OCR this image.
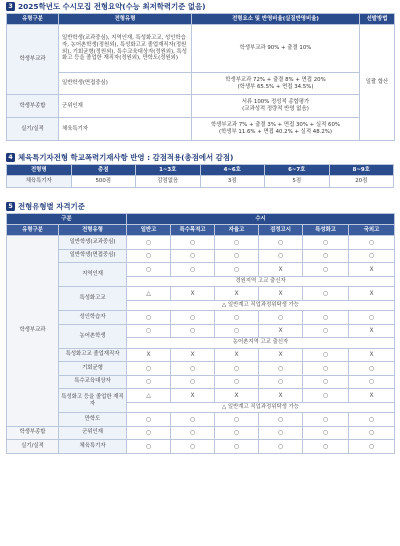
3 2025학년도 수시모집 전형요약(수능 최저학력기준 없음)
유형구분	전형유형	전형요소 및 반영비율(실질반영비율)	선발방법
학생부교과	일반학생(교과중심), 지역인재, 특성화고교, 성인학습자, 농어촌학생(정원외), 특성화고교 졸업재직자(정원외), 기회균형(정원외), 특수교육대상자(정원외), 특성화고 등을 졸업한 재직자(정원외), 만학도(정원외)	학생부교과 90% + 출결 10%	일괄 합산
	일반학생(면접중심)	학생부교과 72% + 출결 8% + 면접 20%
(학생부 65.5% + 면접 34.5%)	

학생부종합	군위인재	서류 100% 정성적 종합평가
(교과성적 정량적 반영 없음)	

실기/실적	체육특기자	학생부교과 7% + 출결 3% + 면접 30% + 실적 60%
(학생부 11.6% + 면접 40.2% + 실적 48.2%)	
4 체육특기자전형 학교폭력기재사항 반영 : 감점적용(총점에서 감점)
전형명	총점	1~3호	4~6호	6~7호	8~9호
체육특기자	500점	감점없음	3점	5점	20점
5 전형유형별 자격기준
구분		수시					
유형구분	전형유형	일반고	특수목적고	자율고	검정고시	특성화고	국외고
학생부교과	일반학생(교과중심)	○	○	○	○	○	○
	일반학생(면접중심)	○	○	○	○	○	○
	지역인재	○	○	○	X	○	X
		경원지역 고교 출신자					
	특성화고교	△	X	X	X	○	X
		△ 일반계고 직업과정위탁생 가능					
	성인학습자	○	○	○	○	○	○
	농어촌학생	○	○	○	X	○	X
		농어촌지역 고교 출신자					
	특성화고교 졸업재직자	X	X	X	X	○	X
	기회균형	○	○	○	○	○	○
	특수교육대상자	○	○	○	○	○	○
	특성화고 등을 졸업한 재직자	△	X	X	X	○	X
		△ 일반계고 직업과정위탁생 가능					
	만학도	○	○	○	○	○	○
학생부종합	군위인재	○	○	○	○	○	○
실기/실적	체육특기자	○	○	○	○	○	○
